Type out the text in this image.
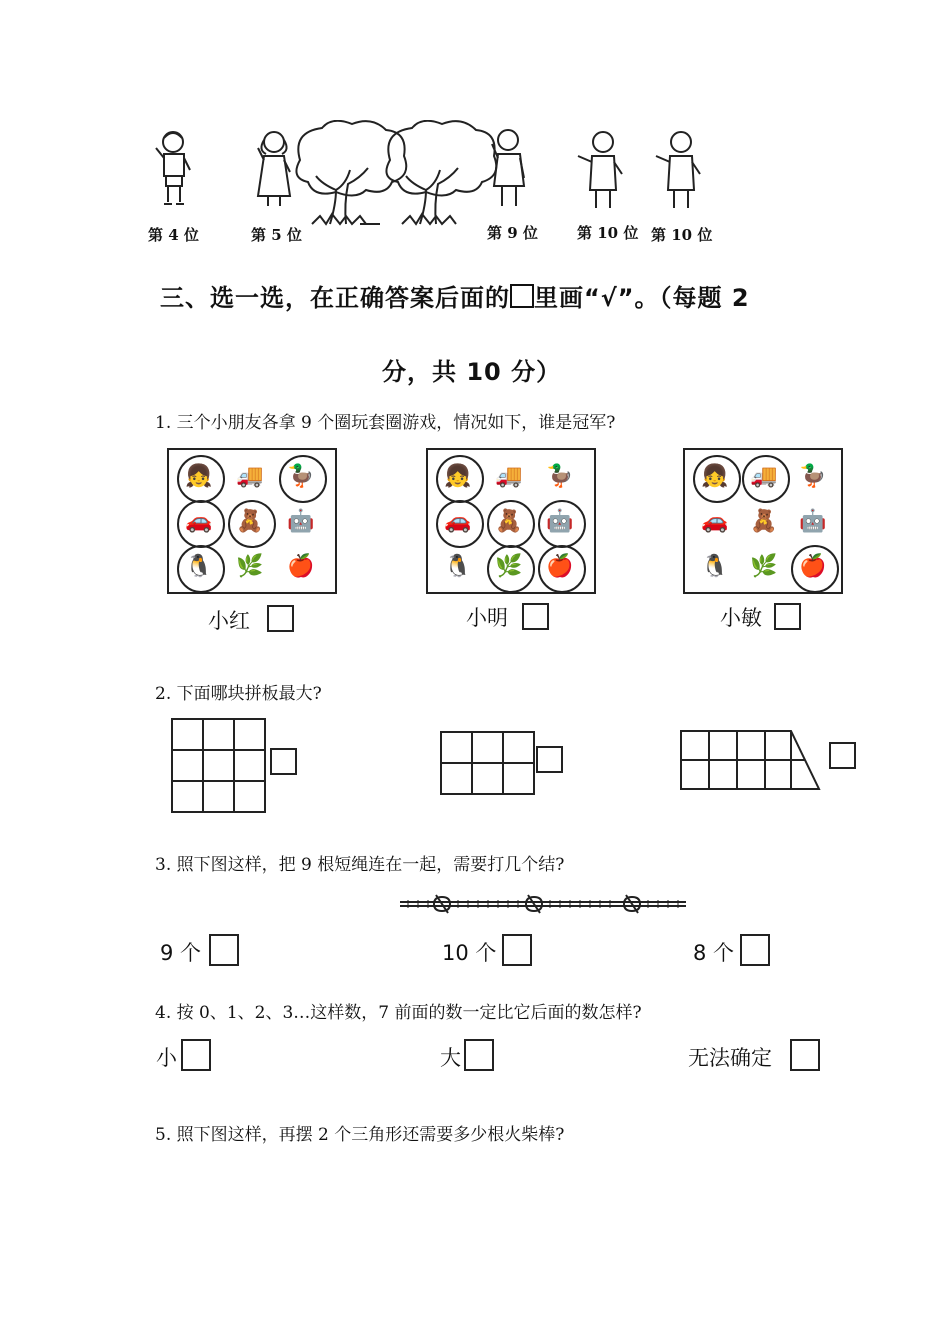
第 4 位	第 5 位	第 9 位	第 10 位 第 10 位
三、选一选，在正确答案后面的 里画“√”。（每题 2
分，共 10 分）
1. 三个小朋友各拿 9 个圈玩套圈游戏，情况如下，谁是冠军?
👧	🚚	🦆
🚗	🧸	🤖
🐧	🌿	🍎
小红
👧	🚚	🦆
🚗	🧸	🤖
🐧	🌿	🍎
小明
👧 🚚 🦆
🚗 🧸 🤖
🐧 🌿 🍎
小敏
2. 下面哪块拼板最大?

3. 照下图这样，把 9 根短绳连在一起，需要打几个结?
9 个	10 个	8 个
4. 按 0、1、2、3…这样数，7 前面的数一定比它后面的数怎样?
小	大	无法确定
5. 照下图这样，再摆 2 个三角形还需要多少根火柴棒?
